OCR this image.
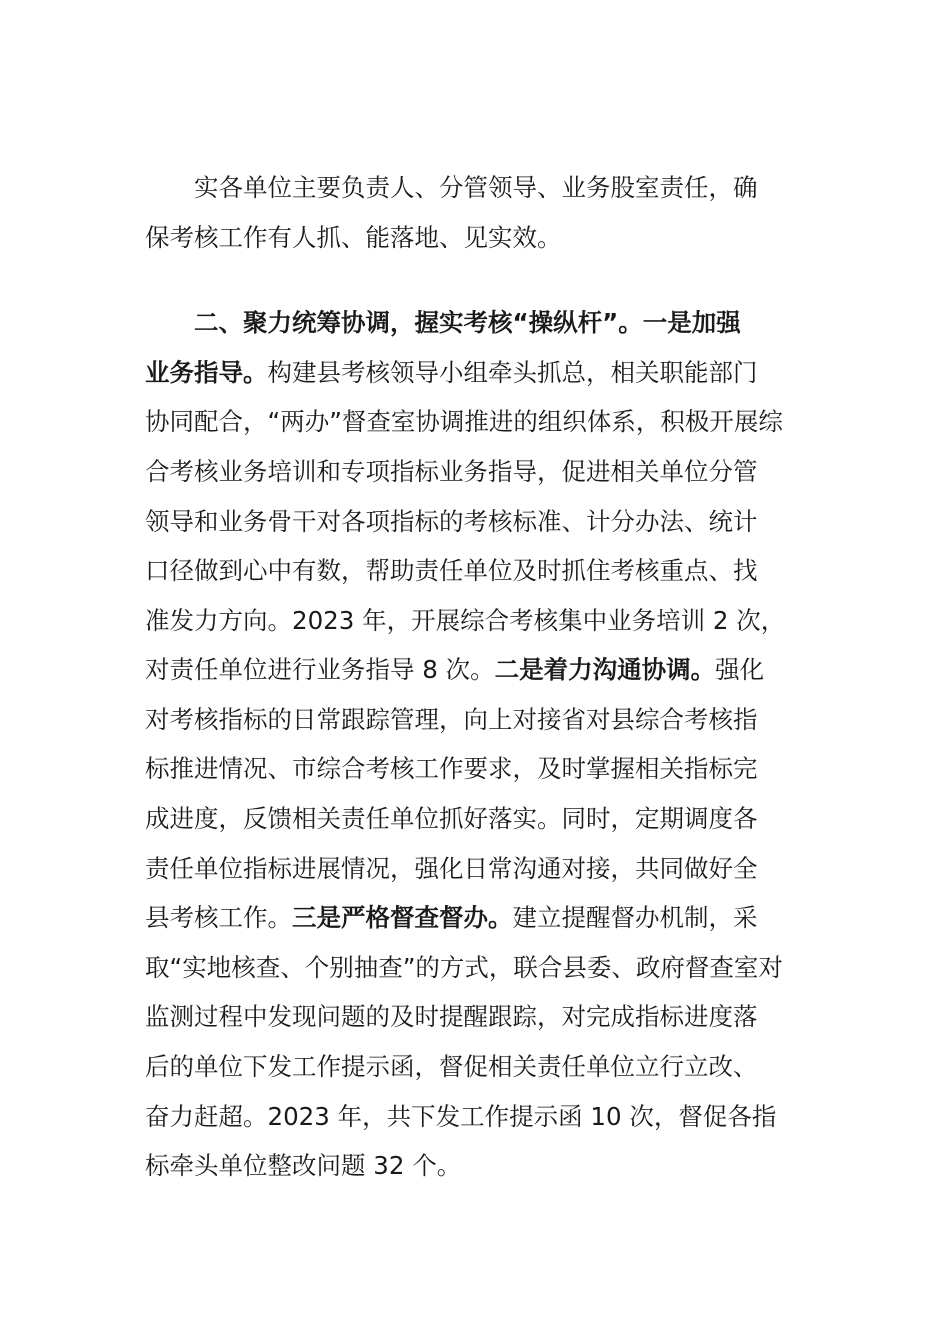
实各单位主要负责人、分管领导、业务股室责任，确
保考核工作有人抓、能落地、见实效。
二、聚力统筹协调，握实考核“操纵杆”。一是加强
业务指导。构建县考核领导小组牵头抓总，相关职能部门
协同配合，“两办”督查室协调推进的组织体系，积极开展综
合考核业务培训和专项指标业务指导，促进相关单位分管
领导和业务骨干对各项指标的考核标准、计分办法、统计
口径做到心中有数，帮助责任单位及时抓住考核重点、找
准发力方向。2023 年，开展综合考核集中业务培训 2 次，
对责任单位进行业务指导 8 次。二是着力沟通协调。强化
对考核指标的日常跟踪管理，向上对接省对县综合考核指
标推进情况、市综合考核工作要求，及时掌握相关指标完
成进度，反馈相关责任单位抓好落实。同时，定期调度各
责任单位指标进展情况，强化日常沟通对接，共同做好全
县考核工作。三是严格督查督办。建立提醒督办机制，采
取“实地核查、个别抽查”的方式，联合县委、政府督查室对
监测过程中发现问题的及时提醒跟踪，对完成指标进度落
后的单位下发工作提示函，督促相关责任单位立行立改、
奋力赶超。2023 年，共下发工作提示函 10 次，督促各指
标牵头单位整改问题 32 个。
